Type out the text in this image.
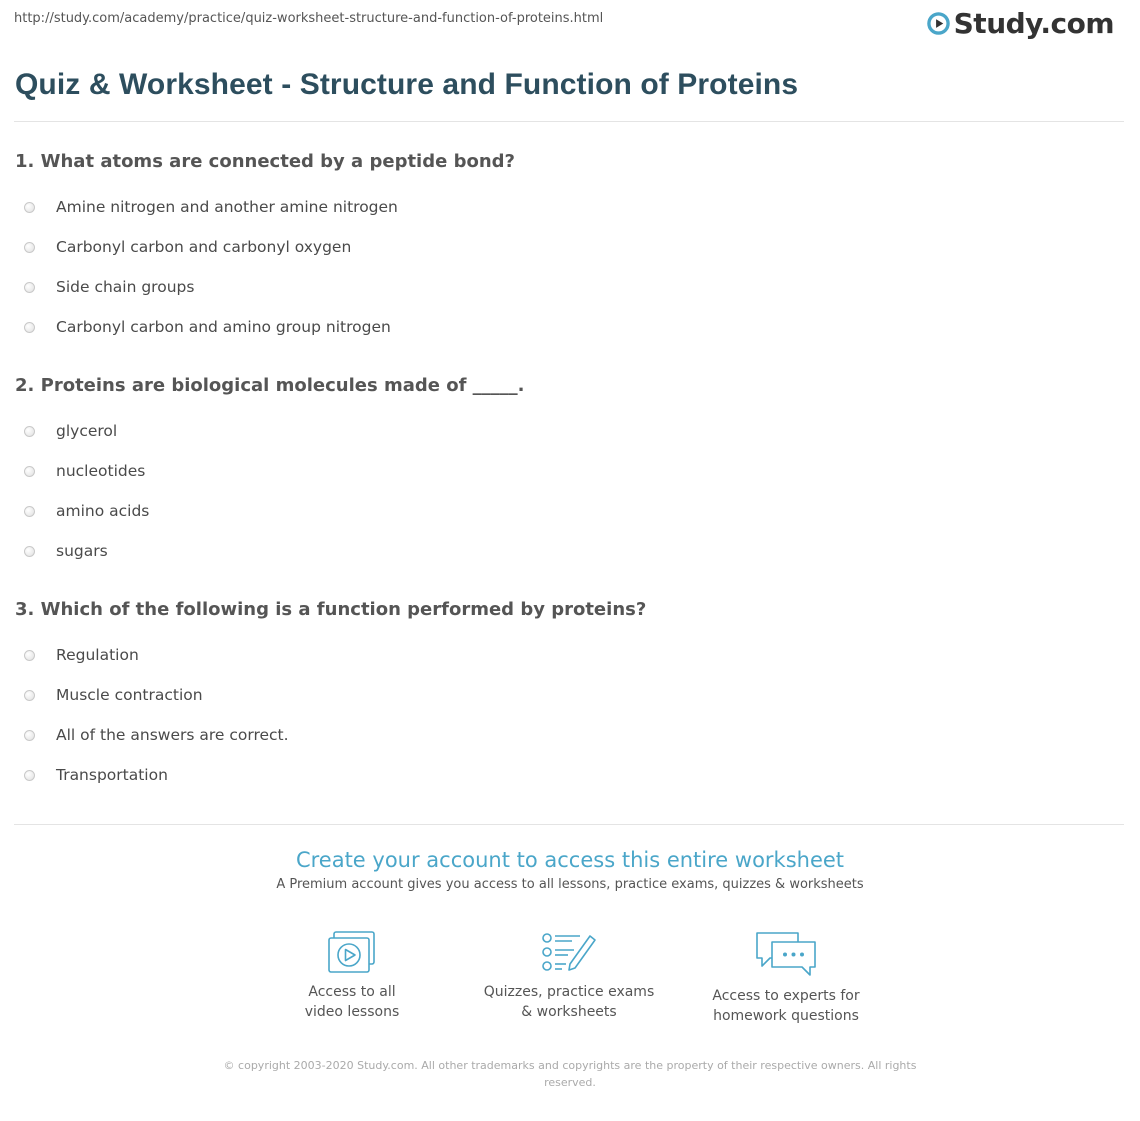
http://study.com/academy/practice/quiz-worksheet-structure-and-function-of-proteins.html	Study.com
Quiz & Worksheet - Structure and Function of Proteins

1. What atoms are connected by a peptide bond?

Amine nitrogen and another amine nitrogen
Carbonyl carbon and carbonyl oxygen
Side chain groups
Carbonyl carbon and amino group nitrogen

2. Proteins are biological molecules made of _____.

glycerol
nucleotides
amino acids
sugars

3. Which of the following is a function performed by proteins?

Regulation
Muscle contraction
All of the answers are correct.
Transportation
Create your account to access this entire worksheet
A Premium account gives you access to all lessons, practice exams, quizzes & worksheets
Access to all
video lessons
Quizzes, practice exams
& worksheets
Access to experts for
homework questions
© copyright 2003-2020 Study.com. All other trademarks and copyrights are the property of their respective owners. All rights reserved.
